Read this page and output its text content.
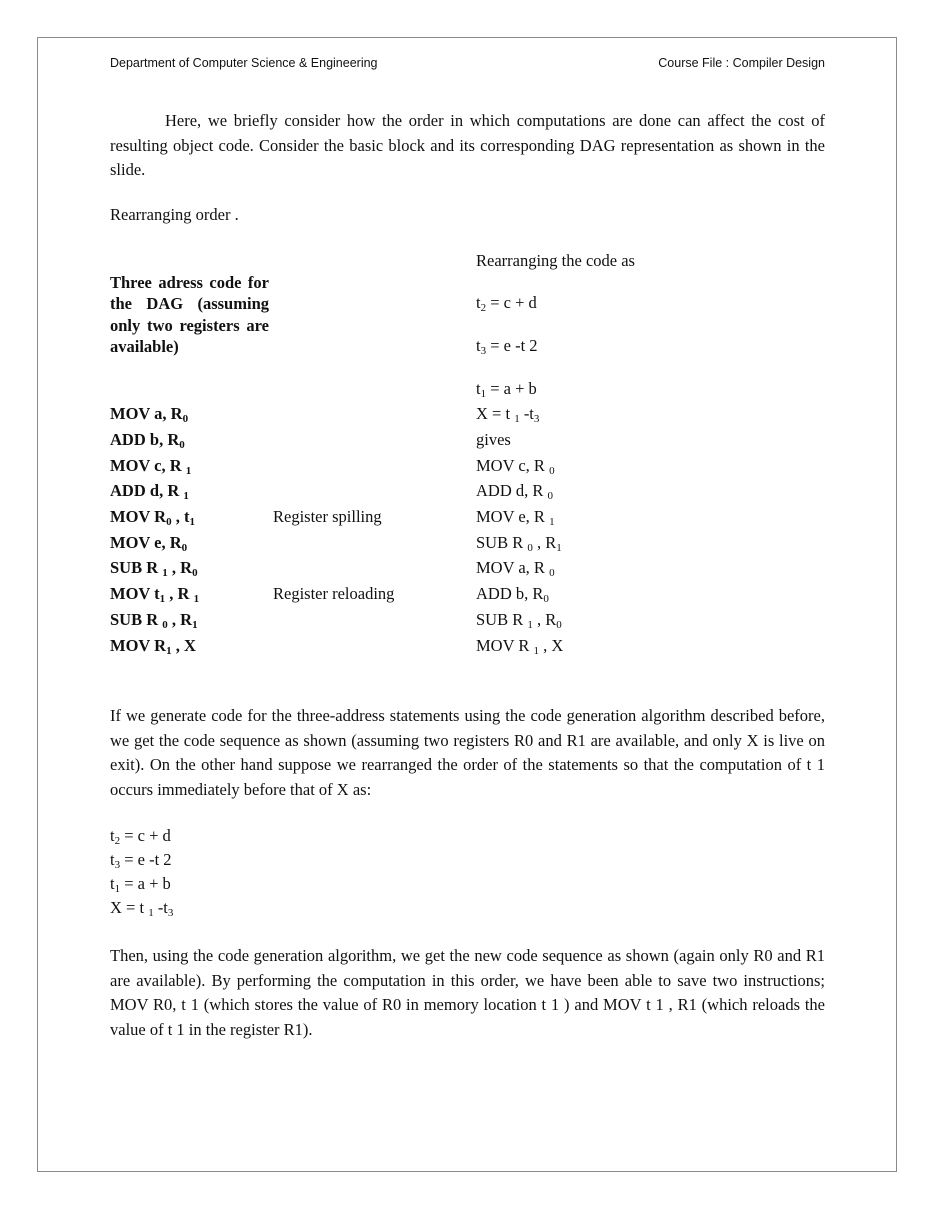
Department of Computer Science & Engineering	Course File : Compiler Design

Here, we briefly consider how the order in which computations are done can affect the cost of resulting object code. Consider the basic block and its corresponding DAG representation as shown in the slide.

Rearranging order .
Rearranging the code as
$t_2 = c + d$
$t_3 = e$ -t 2
$t_1 = a + b$
X = t $_1$ $-t_3$
gives
Three adress code for the DAG (assuming only two registers are available)
Register spilling
Register reloading
MOV a, $R_0$
ADD b, $R_0$
MOV c, R $_1$
ADD d, R $_1$
MOV $R_0$ , $t_1$
MOV e, $R_0$
SUB R $_1$ , $R_0$
MOV $t_1$ , R $_1$
SUB R $_0$ , $R_1$
MOV $R_1$ , X
MOV c, R $_0$
ADD d, R $_0$
MOV e, R $_1$
SUB R $_0$ , $R_1$
MOV a, R $_0$
ADD b, $R_0$
SUB R $_1$ , $R_0$
MOV R $_1$ , X

If we generate code for the three-address statements using the code generation algorithm described before, we get the code sequence as shown (assuming two registers R0 and R1 are available, and only X is live on exit). On the other hand suppose we rearranged the order of the statements so that the computation of t 1 occurs immediately before that of X as:

$t_2 = c + d$
$t_3 = e$ -t 2
$t_1 = a + b$
X = t $_1$ $-t_3$

Then, using the code generation algorithm, we get the new code sequence as shown (again only R0 and R1 are available). By performing the computation in this order, we have been able to save two instructions; MOV R0, t 1 (which stores the value of R0 in memory location t 1 ) and MOV t 1 , R1 (which reloads the value of t 1 in the register R1).
